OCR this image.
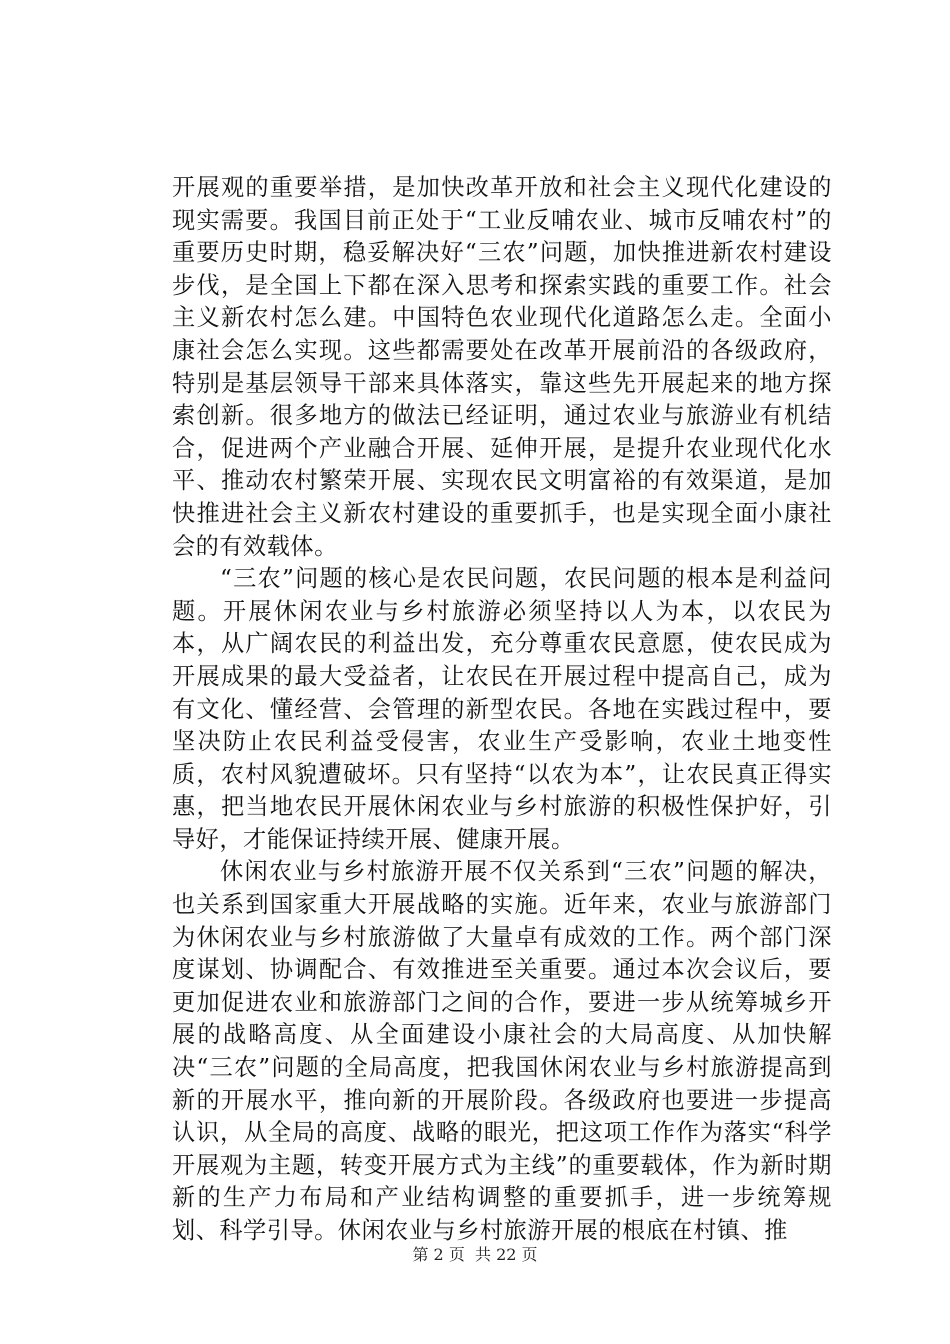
开展观的重要举措，是加快改革开放和社会主义现代化建设的现实需要。我国目前正处于“工业反哺农业、城市反哺农村”的重要历史时期，稳妥解决好“三农”问题，加快推进新农村建设步伐，是全国上下都在深入思考和探索实践的重要工作。社会主义新农村怎么建。中国特色农业现代化道路怎么走。全面小康社会怎么实现。这些都需要处在改革开展前沿的各级政府，特别是基层领导干部来具体落实，靠这些先开展起来的地方探索创新。很多地方的做法已经证明，通过农业与旅游业有机结合，促进两个产业融合开展、延伸开展，是提升农业现代化水平、推动农村繁荣开展、实现农民文明富裕的有效渠道，是加快推进社会主义新农村建设的重要抓手，也是实现全面小康社会的有效载体。

“三农”问题的核心是农民问题，农民问题的根本是利益问题。开展休闲农业与乡村旅游必须坚持以人为本，以农民为本，从广阔农民的利益出发，充分尊重农民意愿，使农民成为开展成果的最大受益者，让农民在开展过程中提高自己，成为有文化、懂经营、会管理的新型农民。各地在实践过程中，要坚决防止农民利益受侵害，农业生产受影响，农业土地变性质，农村风貌遭破坏。只有坚持“以农为本”，让农民真正得实惠，把当地农民开展休闲农业与乡村旅游的积极性保护好，引导好，才能保证持续开展、健康开展。

休闲农业与乡村旅游开展不仅关系到“三农”问题的解决，也关系到国家重大开展战略的实施。近年来，农业与旅游部门为休闲农业与乡村旅游做了大量卓有成效的工作。两个部门深度谋划、协调配合、有效推进至关重要。通过本次会议后，要更加促进农业和旅游部门之间的合作，要进一步从统筹城乡开展的战略高度、从全面建设小康社会的大局高度、从加快解决“三农”问题的全局高度，把我国休闲农业与乡村旅游提高到新的开展水平，推向新的开展阶段。各级政府也要进一步提高认识，从全局的高度、战略的眼光，把这项工作作为落实“科学开展观为主题，转变开展方式为主线”的重要载体，作为新时期新的生产力布局和产业结构调整的重要抓手，进一步统筹规划、科学引导。休闲农业与乡村旅游开展的根底在村镇、推

第 2 页  共 22 页
